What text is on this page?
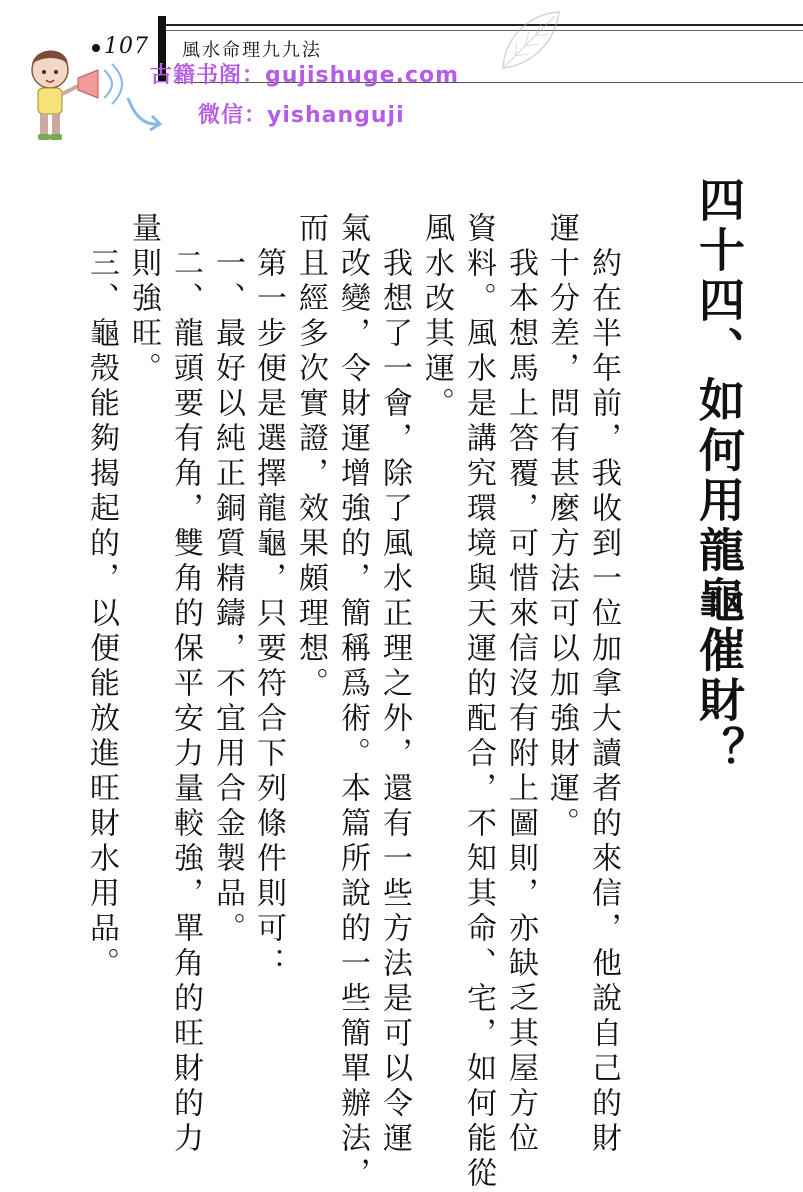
107 風水命理九九法
古籍书阁：gujishuge.com
微信：yishanguji
四十四、如何用龍龜催財？
　約在半年前，我收到一位加拿大讀者的來信，他說自己的財
運十分差，問有甚麼方法可以加強財運。
　我本想馬上答覆，可惜來信沒有附上圖則，亦缺乏其屋方位
資料。風水是講究環境與天運的配合，不知其命、宅，如何能從
風水改其運。
　我想了一會，除了風水正理之外，還有一些方法是可以令運
氣改變，令財運增強的，簡稱爲術。本篇所說的一些簡單辦法，
而且經多次實證，效果頗理想。
　第一步便是選擇龍龜，只要符合下列條件則可：
　一、最好以純正銅質精鑄，不宜用合金製品。
　二、龍頭要有角，雙角的保平安力量較強，單角的旺財的力
量則強旺。
　三、龜殼能夠揭起的，以便能放進旺財水用品。
